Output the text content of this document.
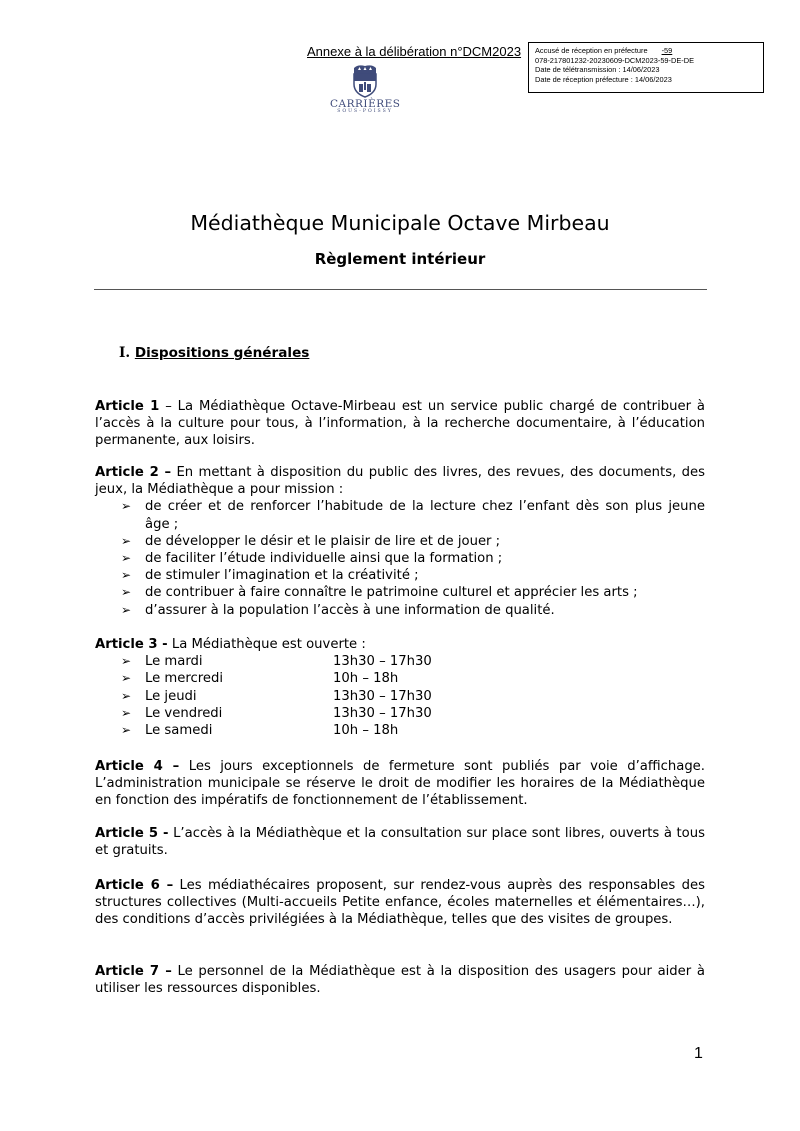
Annexe à la délibération n°DCM2023 Accusé de réception en préfecture -59
078-217801232-20230609-DCM2023-59-DE-DE
Date de télétransmission : 14/06/2023
Date de réception préfecture : 14/06/2023
CARRIÈRES
SOUS-POISSY
Médiathèque Municipale Octave Mirbeau
Règlement intérieur
I. Dispositions générales
Article 1 – La Médiathèque Octave-Mirbeau est un service public chargé de contribuer à l’accès à la culture pour tous, à l’information, à la recherche documentaire, à l’éducation permanente, aux loisirs.
Article 2 – En mettant à disposition du public des livres, des revues, des documents, des jeux, la Médiathèque a pour mission :
➢ de créer et de renforcer l’habitude de la lecture chez l’enfant dès son plus jeune âge ;
➢ de développer le désir et le plaisir de lire et de jouer ;
➢ de faciliter l’étude individuelle ainsi que la formation ;
➢ de stimuler l’imagination et la créativité ;
➢ de contribuer à faire connaître le patrimoine culturel et apprécier les arts ;
➢ d’assurer à la population l’accès à une information de qualité.
Article 3 - La Médiathèque est ouverte :
➢ Le mardi	13h30 – 17h30
➢ Le mercredi	10h – 18h
➢ Le jeudi	13h30 – 17h30
➢ Le vendredi	13h30 – 17h30
➢ Le samedi	10h – 18h
Article 4 – Les jours exceptionnels de fermeture sont publiés par voie d’affichage. L’administration municipale se réserve le droit de modifier les horaires de la Médiathèque en fonction des impératifs de fonctionnement de l’établissement.
Article 5 - L’accès à la Médiathèque et la consultation sur place sont libres, ouverts à tous et gratuits.
Article 6 – Les médiathécaires proposent, sur rendez-vous auprès des responsables des structures collectives (Multi-accueils Petite enfance, écoles maternelles et élémentaires…), des conditions d’accès privilégiées à la Médiathèque, telles que des visites de groupes.
Article 7 – Le personnel de la Médiathèque est à la disposition des usagers pour aider à utiliser les ressources disponibles.
1
